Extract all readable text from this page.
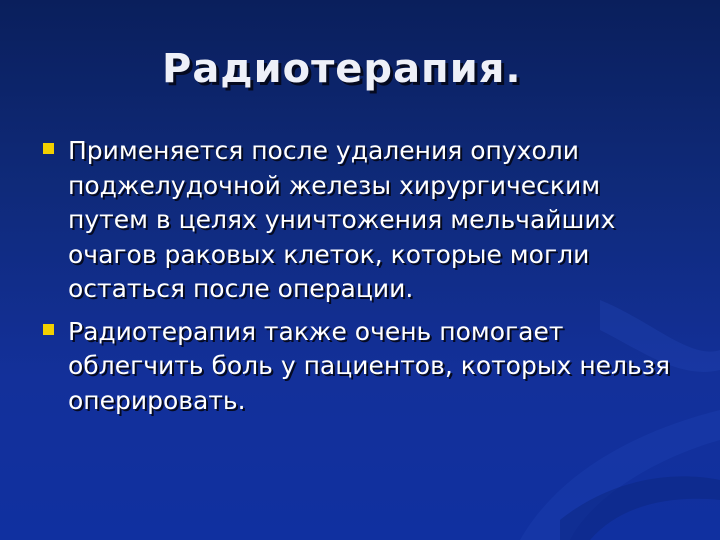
Радиотерапия.
Применяется после удаления опухоли поджелудочной железы хирургическим путем в целях уничтожения мельчайших очагов раковых клеток, которые могли остаться после операции.
Радиотерапия также очень помогает облегчить боль у пациентов, которых нельзя оперировать.
